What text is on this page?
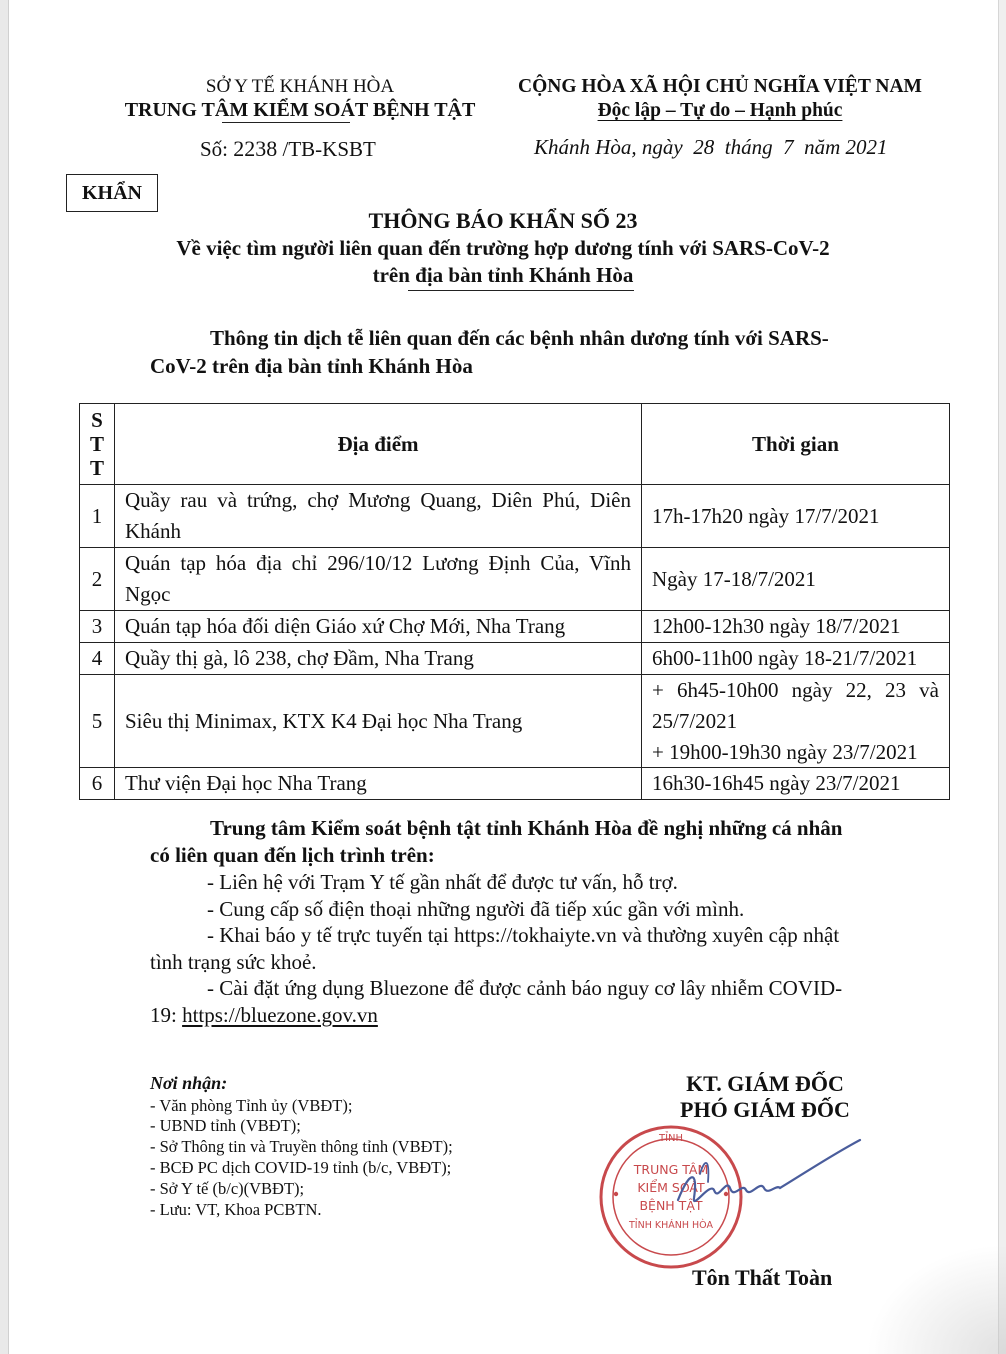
SỞ Y TẾ KHÁNH HÒA
TRUNG TÂM KIỂM SOÁT BỆNH TẬT
Số: 2238 /TB-KSBT
CỘNG HÒA XÃ HỘI CHỦ NGHĨA VIỆT NAM
Độc lập – Tự do – Hạnh phúc
Khánh Hòa, ngày 28 tháng 7 năm 2021
KHẨN
THÔNG BÁO KHẨN SỐ 23
Về việc tìm người liên quan đến trường hợp dương tính với SARS-CoV-2
trên địa bàn tỉnh Khánh Hòa
Thông tin dịch tễ liên quan đến các bệnh nhân dương tính với SARS-
CoV-2 trên địa bàn tỉnh Khánh Hòa
S
T
T	Địa điểm	Thời gian
1	Quầy rau và trứng, chợ Mương Quang, Diên Phú, Diên Khánh	17h-17h20 ngày 17/7/2021
2	Quán tạp hóa địa chỉ 296/10/12 Lương Định Của, Vĩnh Ngọc	Ngày 17-18/7/2021
3	Quán tạp hóa đối diện Giáo xứ Chợ Mới, Nha Trang	12h00-12h30 ngày 18/7/2021
4	Quầy thị gà, lô 238, chợ Đầm, Nha Trang	6h00-11h00 ngày 18-21/7/2021
5	Siêu thị Minimax, KTX K4 Đại học Nha Trang	+ 6h45-10h00 ngày 22, 23 và 25/7/2021
+ 19h00-19h30 ngày 23/7/2021

6	Thư viện Đại học Nha Trang	16h30-16h45 ngày 23/7/2021
Trung tâm Kiểm soát bệnh tật tỉnh Khánh Hòa đề nghị những cá nhân
có liên quan đến lịch trình trên:
- Liên hệ với Trạm Y tế gần nhất để được tư vấn, hỗ trợ.
- Cung cấp số điện thoại những người đã tiếp xúc gần với mình.
- Khai báo y tế trực tuyến tại https://tokhaiyte.vn và thường xuyên cập nhật
tình trạng sức khoẻ.
- Cài đặt ứng dụng Bluezone để được cảnh báo nguy cơ lây nhiễm COVID-
19: https://bluezone.gov.vn
Nơi nhận:
- Văn phòng Tỉnh ủy (VBĐT);
- UBND tỉnh (VBĐT);
- Sở Thông tin và Truyền thông tỉnh (VBĐT);
- BCĐ PC dịch COVID-19 tỉnh (b/c, VBĐT);
- Sở Y tế (b/c)(VBĐT);
- Lưu: VT, Khoa PCBTN.
KT. GIÁM ĐỐC
PHÓ GIÁM ĐỐC
TỈNH
TRUNG TÂM
KIỂM SOÁT
BỆNH TẬT
TỈNH KHÁNH HÒA
Tôn Thất Toàn
